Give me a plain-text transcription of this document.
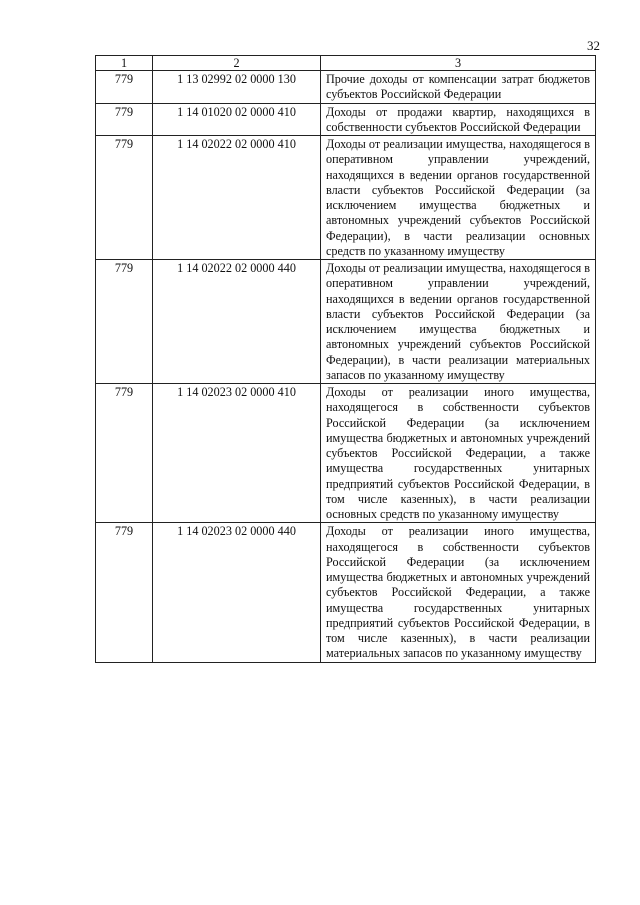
32
1	2	3
779	1 13 02992 02 0000 130	Прочие доходы от компенсации затрат бюджетов субъектов Российской Федерации
779	1 14 01020 02 0000 410	Доходы от продажи квартир, находящихся в собственности субъектов Российской Федерации
779	1 14 02022 02 0000 410	Доходы от реализации имущества, находящегося в оперативном управлении учреждений, находящихся в ведении органов государственной власти субъектов Российской Федерации (за исключением имущества бюджетных и автономных учреждений субъектов Российской Федерации), в части реализации основных средств по указанному имуществу
779	1 14 02022 02 0000 440	Доходы от реализации имущества, находящегося в оперативном управлении учреждений, находящихся в ведении органов государственной власти субъектов Российской Федерации (за исключением имущества бюджетных и автономных учреждений субъектов Российской Федерации), в части реализации материальных запасов по указанному имуществу
779	1 14 02023 02 0000 410	Доходы от реализации иного имущества, находящегося в собственности субъектов Российской Федерации (за исключением имущества бюджетных и автономных учреждений субъектов Российской Федерации, а также имущества государственных унитарных предприятий субъектов Российской Федерации, в том числе казенных), в части реализации основных средств по указанному имуществу
779	1 14 02023 02 0000 440	Доходы от реализации иного имущества, находящегося в собственности субъектов Российской Федерации (за исключением имущества бюджетных и автономных учреждений субъектов Российской Федерации, а также имущества государственных унитарных предприятий субъектов Российской Федерации, в том числе казенных), в части реализации материальных запасов по указанному имуществу
